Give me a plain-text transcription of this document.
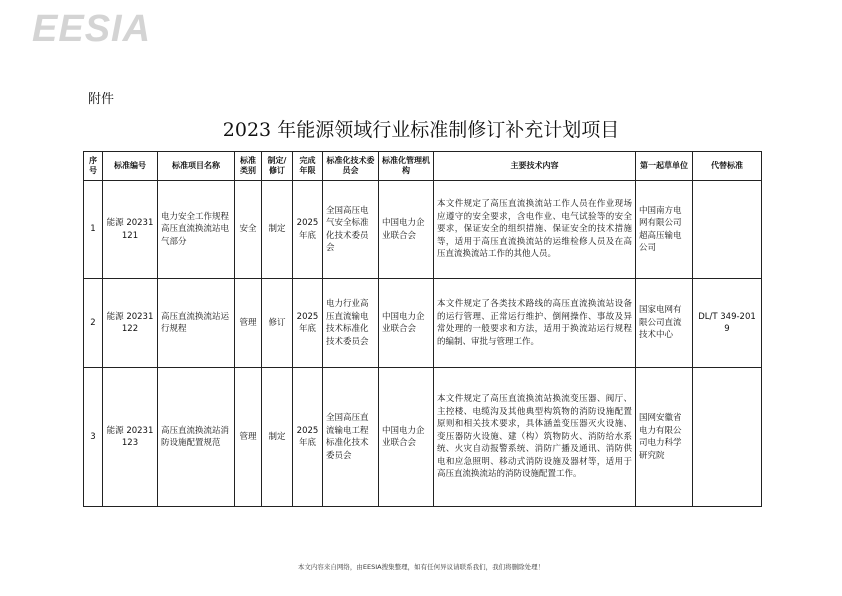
EESIA
附件
2023 年能源领域行业标准制修订补充计划项目
序号	标准编号	标准项目名称	标准类别	制定/修订	完成年限	标准化技术委员会	标准化管理机构	主要技术内容	第一起草单位	代替标准
1	能源 20231121	电力安全工作规程 高压直流换流站电气部分	安全	制定	2025 年底	全国高压电气安全标准化技术委员会	中国电力企业联合会	本文件规定了高压直流换流站工作人员在作业现场应遵守的安全要求，含电作业、电气试验等的安全要求，保证安全的组织措施、保证安全的技术措施等，适用于高压直流换流站的运维检修人员及在高压直流换流站工作的其他人员。	中国南方电网有限公司超高压输电公司	
2	能源 20231122	高压直流换流站运行规程	管理	修订	2025 年底	电力行业高压直流输电技术标准化技术委员会	中国电力企业联合会	本文件规定了各类技术路线的高压直流换流站设备的运行管理、正常运行维护、倒闸操作、事故及异常处理的一般要求和方法，适用于换流站运行规程的编制、审批与管理工作。	国家电网有限公司直流技术中心	DL/T 349-2019
3	能源 20231123	高压直流换流站消防设施配置规范	管理	制定	2025 年底	全国高压直流输电工程标准化技术委员会	中国电力企业联合会	本文件规定了高压直流换流站换流变压器、阀厅、主控楼、电缆沟及其他典型构筑物的消防设施配置原则和相关技术要求，具体涵盖变压器灭火设施、变压器防火设施、建（构）筑物防火、消防给水系统、火灾自动报警系统、消防广播及通讯、消防供电和应急照明、移动式消防设施及器材等，适用于高压直流换流站的消防设施配置工作。	国网安徽省电力有限公司电力科学研究院	
本文内容来自网络，由EESIA搜集整理，如有任何异议请联系我们，我们将删除处理！
